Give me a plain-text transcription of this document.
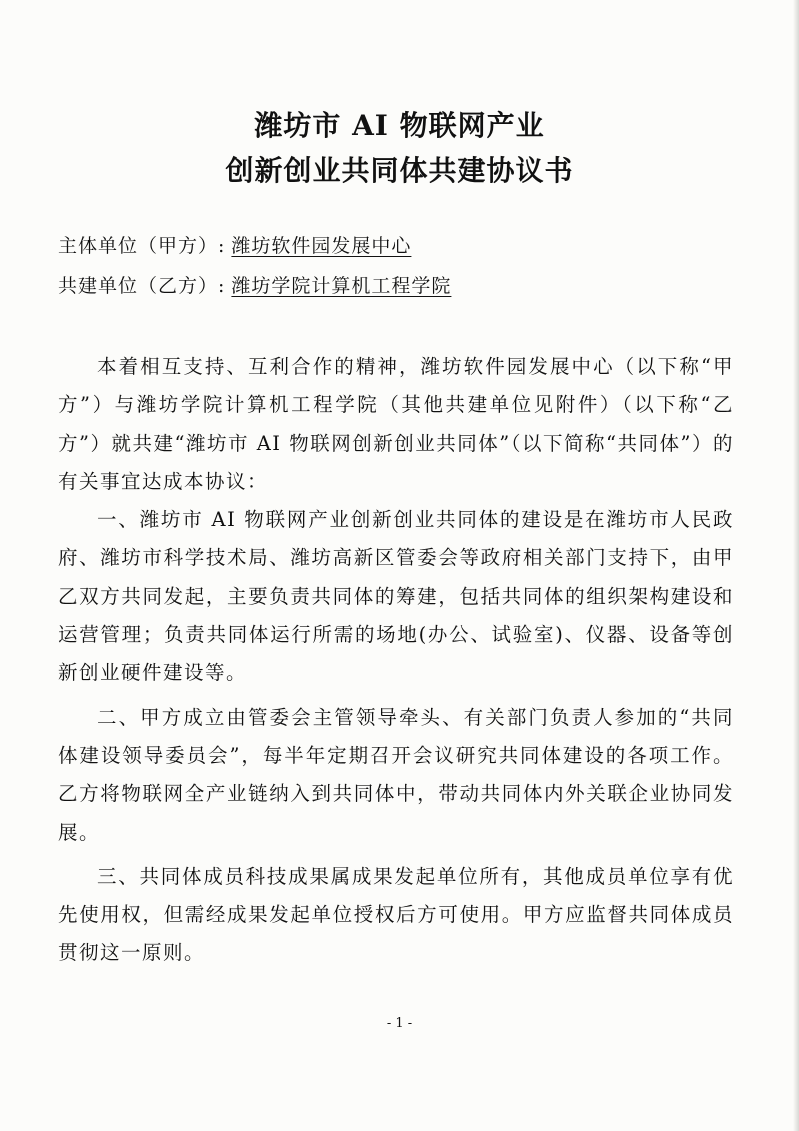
潍坊市 AI 物联网产业
创新创业共同体共建协议书
主体单位（甲方）: 潍坊软件园发展中心
共建单位（乙方）: 潍坊学院计算机工程学院

本着相互支持、互利合作的精神，潍坊软件园发展中心（以下称“甲方”）与潍坊学院计算机工程学院（其他共建单位见附件）（以下称“乙方”）就共建“潍坊市 AI 物联网创新创业共同体”（以下简称“共同体”）的有关事宜达成本协议：

一、潍坊市 AI 物联网产业创新创业共同体的建设是在潍坊市人民政府、潍坊市科学技术局、潍坊高新区管委会等政府相关部门支持下，由甲乙双方共同发起，主要负责共同体的筹建，包括共同体的组织架构建设和运营管理；负责共同体运行所需的场地(办公、试验室)、仪器、设备等创新创业硬件建设等。

二、甲方成立由管委会主管领导牵头、有关部门负责人参加的“共同体建设领导委员会”，每半年定期召开会议研究共同体建设的各项工作。乙方将物联网全产业链纳入到共同体中，带动共同体内外关联企业协同发展。

三、共同体成员科技成果属成果发起单位所有，其他成员单位享有优先使用权，但需经成果发起单位授权后方可使用。甲方应监督共同体成员贯彻这一原则。

- 1 -
